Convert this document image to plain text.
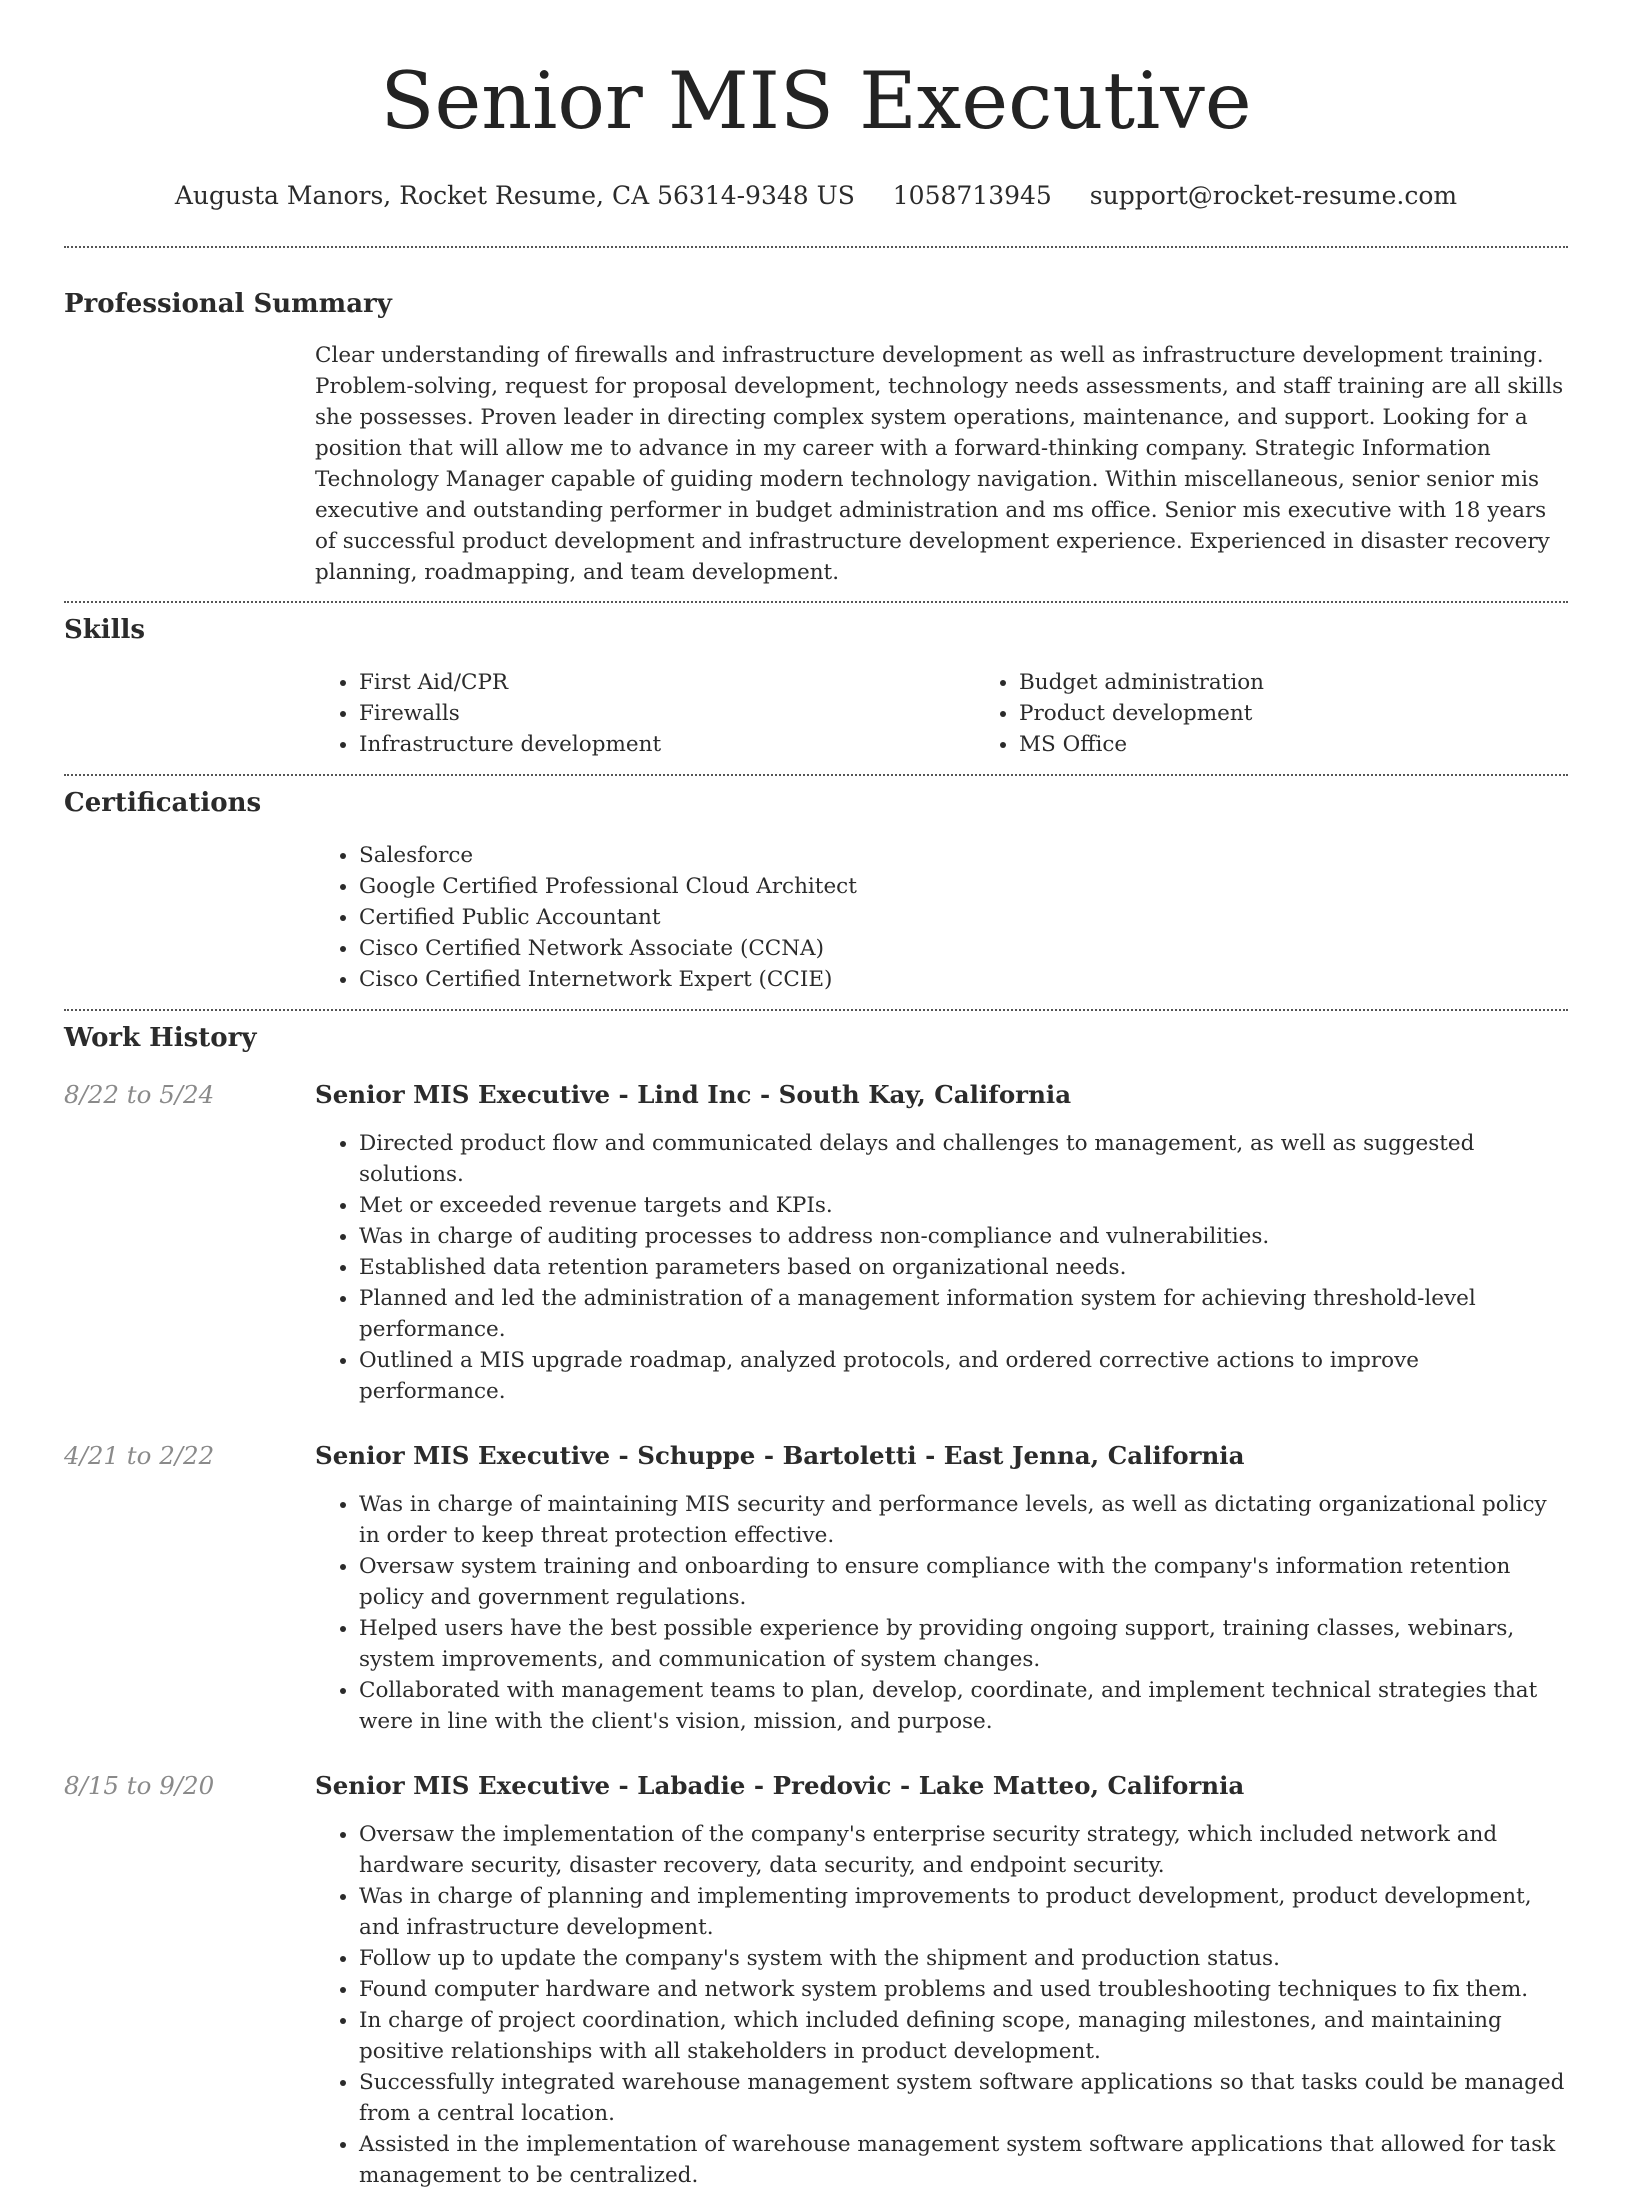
Senior MIS Executive
Augusta Manors, Rocket Resume, CA 56314-9348 US 1058713945 support@rocket-resume.com
Professional Summary

Clear understanding of firewalls and infrastructure development as well as infrastructure development training. Problem-solving, request for proposal development, technology needs assessments, and staff training are all skills she possesses. Proven leader in directing complex system operations, maintenance, and support. Looking for a position that will allow me to advance in my career with a forward-thinking company. Strategic Information Technology Manager capable of guiding modern technology navigation. Within miscellaneous, senior senior mis executive and outstanding performer in budget administration and ms office. Senior mis executive with 18 years of successful product development and infrastructure development experience. Experienced in disaster recovery planning, roadmapping, and team development.

Skills
• First Aid/CPR
• Firewalls
• Infrastructure development
• Budget administration
• Product development
• MS Office
Certifications
• Salesforce
• Google Certified Professional Cloud Architect
• Certified Public Accountant
• Cisco Certified Network Associate (CCNA)
• Cisco Certified Internetwork Expert (CCIE)
Work History
8/22 to 5/24	Senior MIS Executive - Lind Inc - South Kay, California
• Directed product flow and communicated delays and challenges to management, as well as suggested solutions.
• Met or exceeded revenue targets and KPIs.
• Was in charge of auditing processes to address non-compliance and vulnerabilities.
• Established data retention parameters based on organizational needs.
• Planned and led the administration of a management information system for achieving threshold-level performance.
• Outlined a MIS upgrade roadmap, analyzed protocols, and ordered corrective actions to improve performance.
4/21 to 2/22	Senior MIS Executive - Schuppe - Bartoletti - East Jenna, California
• Was in charge of maintaining MIS security and performance levels, as well as dictating organizational policy in order to keep threat protection effective.
• Oversaw system training and onboarding to ensure compliance with the company's information retention policy and government regulations.
• Helped users have the best possible experience by providing ongoing support, training classes, webinars, system improvements, and communication of system changes.
• Collaborated with management teams to plan, develop, coordinate, and implement technical strategies that were in line with the client's vision, mission, and purpose.
8/15 to 9/20	Senior MIS Executive - Labadie - Predovic - Lake Matteo, California
• Oversaw the implementation of the company's enterprise security strategy, which included network and hardware security, disaster recovery, data security, and endpoint security.
• Was in charge of planning and implementing improvements to product development, product development, and infrastructure development.
• Follow up to update the company's system with the shipment and production status.
• Found computer hardware and network system problems and used troubleshooting techniques to fix them.
• In charge of project coordination, which included defining scope, managing milestones, and maintaining positive relationships with all stakeholders in product development.
• Successfully integrated warehouse management system software applications so that tasks could be managed from a central location.
• Assisted in the implementation of warehouse management system software applications that allowed for task management to be centralized.
